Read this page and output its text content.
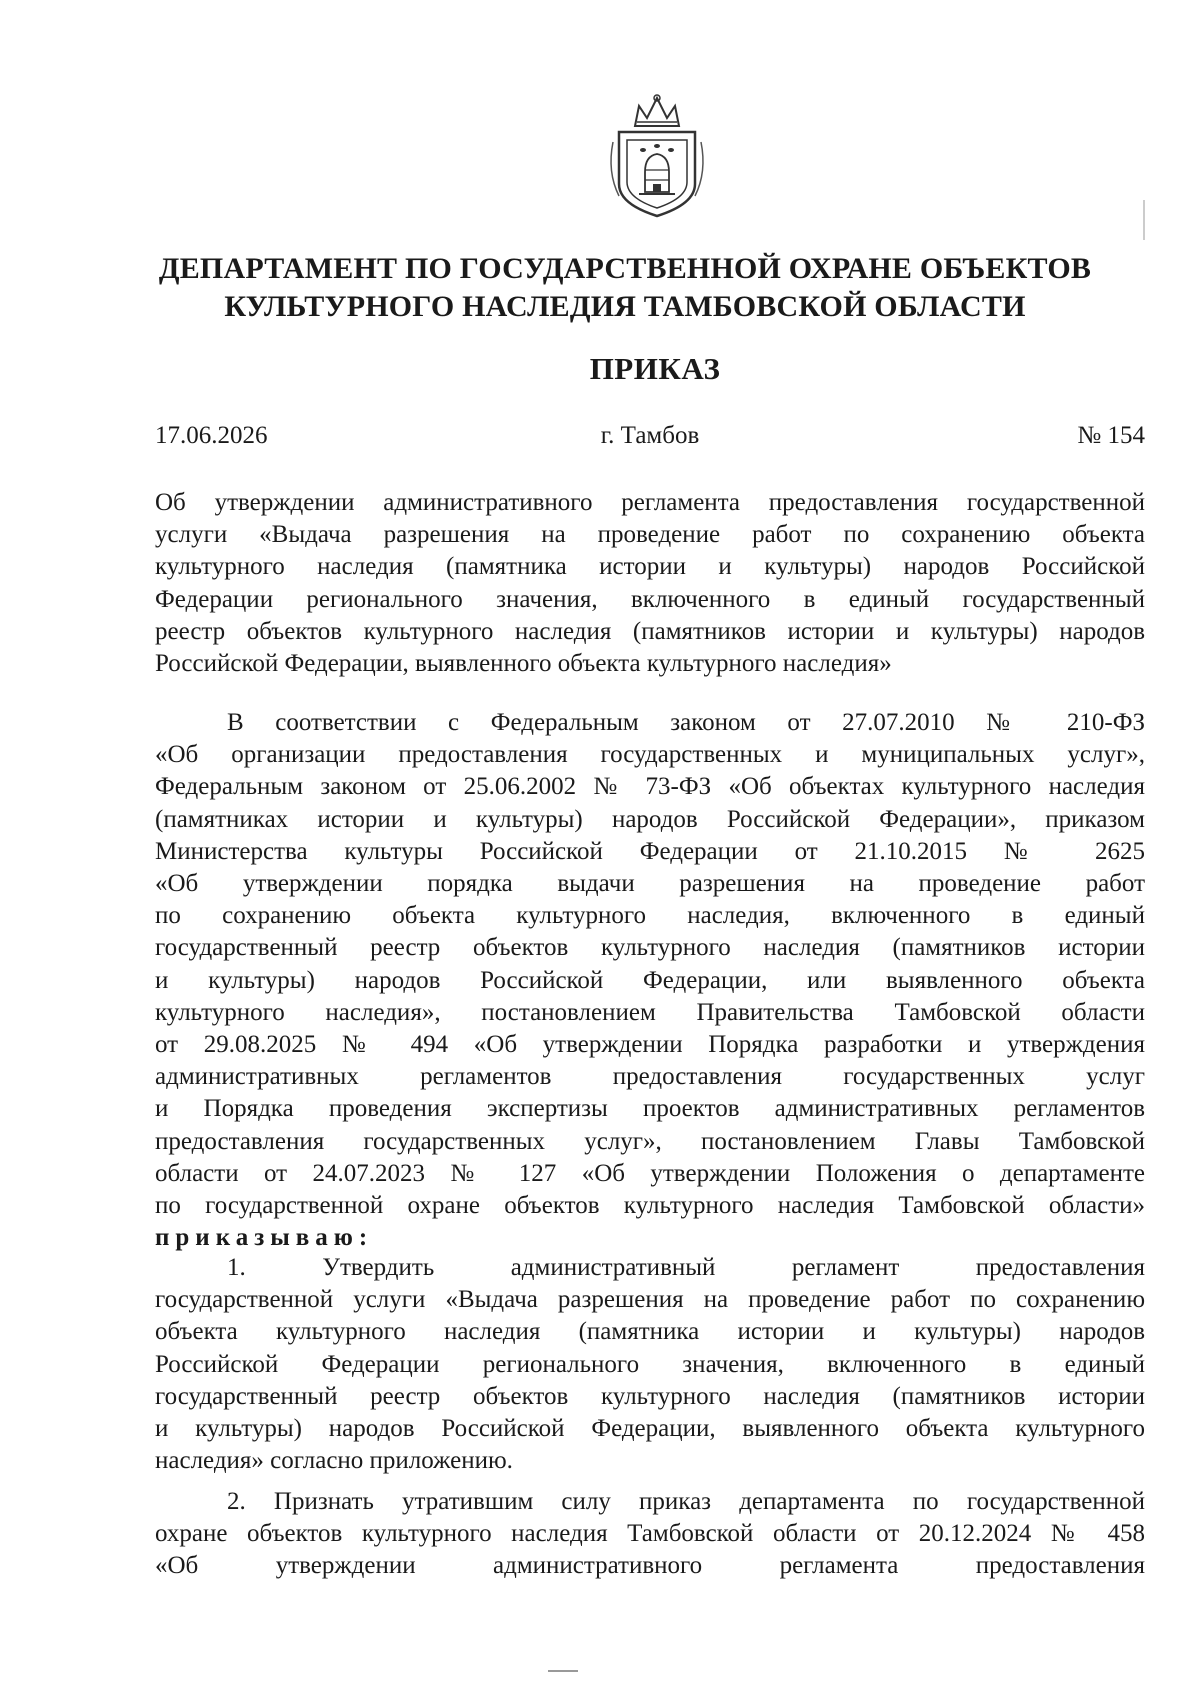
ДЕПАРТАМЕНТ ПО ГОСУДАРСТВЕННОЙ ОХРАНЕ ОБЪЕКТОВ
КУЛЬТУРНОГО НАСЛЕДИЯ ТАМБОВСКОЙ ОБЛАСТИ
ПРИКАЗ
17.06.2026	г. Тамбов	№ 154
Об утверждении административного регламента предоставления государственной
услуги «Выдача разрешения на проведение работ по сохранению объекта
культурного наследия (памятника истории и культуры) народов Российской
Федерации регионального значения, включенного в единый государственный
реестр объектов культурного наследия (памятников истории и культуры) народов
Российской Федерации, выявленного объекта культурного наследия»
В соответствии с Федеральным законом от 27.07.2010 № 210-ФЗ
«Об организации предоставления государственных и муниципальных услуг»,
Федеральным законом от 25.06.2002 № 73-ФЗ «Об объектах культурного наследия
(памятниках истории и культуры) народов Российской Федерации», приказом
Министерства культуры Российской Федерации от 21.10.2015 № 2625
«Об утверждении порядка выдачи разрешения на проведение работ
по сохранению объекта культурного наследия, включенного в единый
государственный реестр объектов культурного наследия (памятников истории
и культуры) народов Российской Федерации, или выявленного объекта
культурного наследия», постановлением Правительства Тамбовской области
от 29.08.2025 № 494 «Об утверждении Порядка разработки и утверждения
административных регламентов предоставления государственных услуг
и Порядка проведения экспертизы проектов административных регламентов
предоставления государственных услуг», постановлением Главы Тамбовской
области от 24.07.2023 № 127 «Об утверждении Положения о департаменте
по государственной охране объектов культурного наследия Тамбовской области»
приказываю:
1. Утвердить административный регламент предоставления
государственной услуги «Выдача разрешения на проведение работ по сохранению
объекта культурного наследия (памятника истории и культуры) народов
Российской Федерации регионального значения, включенного в единый
государственный реестр объектов культурного наследия (памятников истории
и культуры) народов Российской Федерации, выявленного объекта культурного
наследия» согласно приложению.
2. Признать утратившим силу приказ департамента по государственной
охране объектов культурного наследия Тамбовской области от 20.12.2024 № 458
«Об утверждении административного регламента предоставления
